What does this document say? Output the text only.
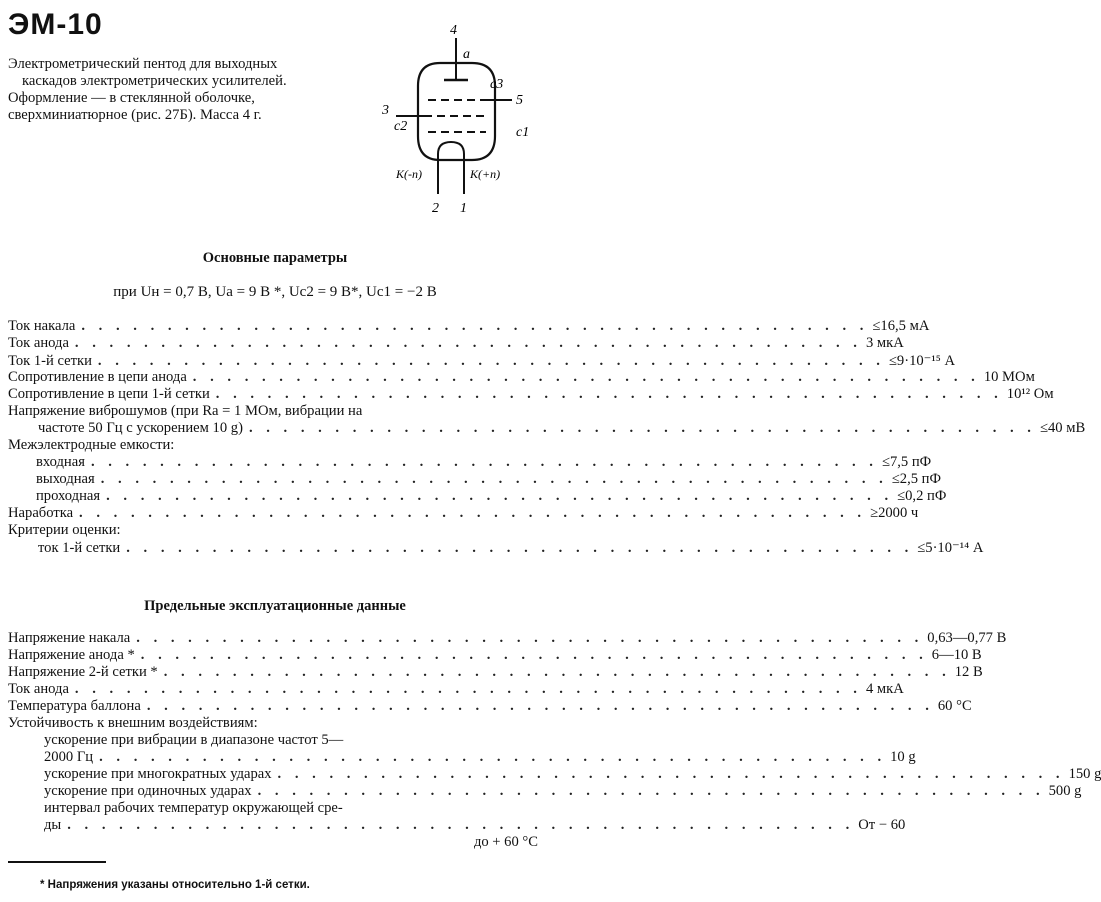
ЭМ-10
Электрометрический пентод для выходных
каскадов электрометрических усилителей.
Оформление — в стеклянной оболочке,
сверхминиатюрное (рис. 27Б). Масса 4 г.
4
а
c3
5
3
c2	c1
К(-п)	К(+п)
2 1
Основные параметры
при Uн = 0,7 В, Uа = 9 В *, Uс2 = 9 В*, Uс1 = −2 В
Ток накала . . . . . . . . . . . . . . . . . . . . . . . . . . . . . . . . . . . . . . . . . . . . . . ≤16,5 мА
Ток анода . . . . . . . . . . . . . . . . . . . . . . . . . . . . . . . . . . . . . . . . . . . . . . 3 мкА
Ток 1-й сетки . . . . . . . . . . . . . . . . . . . . . . . . . . . . . . . . . . . . . . . . . . . . . . ≤9·10⁻¹⁵ А
Сопротивление в цепи анода . . . . . . . . . . . . . . . . . . . . . . . . . . . . . . . . . . . . . . . . . . . . . . 10 МОм
Сопротивление в цепи 1-й сетки . . . . . . . . . . . . . . . . . . . . . . . . . . . . . . . . . . . . . . . . . . . . . . 10¹² Ом
Напряжение виброшумов (при Rа = 1 МОм, вибрации на
частоте 50 Гц с ускорением 10 g) . . . . . . . . . . . . . . . . . . . . . . . . . . . . . . . . . . . . . . . . . . . . . . ≤40 мВ
Межэлектродные емкости:
входная . . . . . . . . . . . . . . . . . . . . . . . . . . . . . . . . . . . . . . . . . . . . . . ≤7,5 пФ
выходная . . . . . . . . . . . . . . . . . . . . . . . . . . . . . . . . . . . . . . . . . . . . . . ≤2,5 пФ
проходная . . . . . . . . . . . . . . . . . . . . . . . . . . . . . . . . . . . . . . . . . . . . . . ≤0,2 пФ
Наработка . . . . . . . . . . . . . . . . . . . . . . . . . . . . . . . . . . . . . . . . . . . . . . ≥2000 ч
Критерии оценки:
ток 1-й сетки . . . . . . . . . . . . . . . . . . . . . . . . . . . . . . . . . . . . . . . . . . . . . . ≤5·10⁻¹⁴ А
Предельные эксплуатационные данные
Напряжение накала . . . . . . . . . . . . . . . . . . . . . . . . . . . . . . . . . . . . . . . . . . . . . . 0,63—0,77 В
Напряжение анода * . . . . . . . . . . . . . . . . . . . . . . . . . . . . . . . . . . . . . . . . . . . . . . 6—10 В
Напряжение 2-й сетки * . . . . . . . . . . . . . . . . . . . . . . . . . . . . . . . . . . . . . . . . . . . . . . 12 В
Ток анода . . . . . . . . . . . . . . . . . . . . . . . . . . . . . . . . . . . . . . . . . . . . . . 4 мкА
Температура баллона . . . . . . . . . . . . . . . . . . . . . . . . . . . . . . . . . . . . . . . . . . . . . . 60 °С
Устойчивость к внешним воздействиям:
ускорение при вибрации в диапазоне частот 5—
2000 Гц . . . . . . . . . . . . . . . . . . . . . . . . . . . . . . . . . . . . . . . . . . . . . . 10 g
ускорение при многократных ударах . . . . . . . . . . . . . . . . . . . . . . . . . . . . . . . . . . . . . . . . . . . . . . 150 g
ускорение при одиночных ударах . . . . . . . . . . . . . . . . . . . . . . . . . . . . . . . . . . . . . . . . . . . . . . 500 g
интервал рабочих температур окружающей сре-
ды . . . . . . . . . . . . . . . . . . . . . . . . . . . . . . . . . . . . . . . . . . . . . . От − 60
до + 60 °С
* Напряжения указаны относительно 1-й сетки.
